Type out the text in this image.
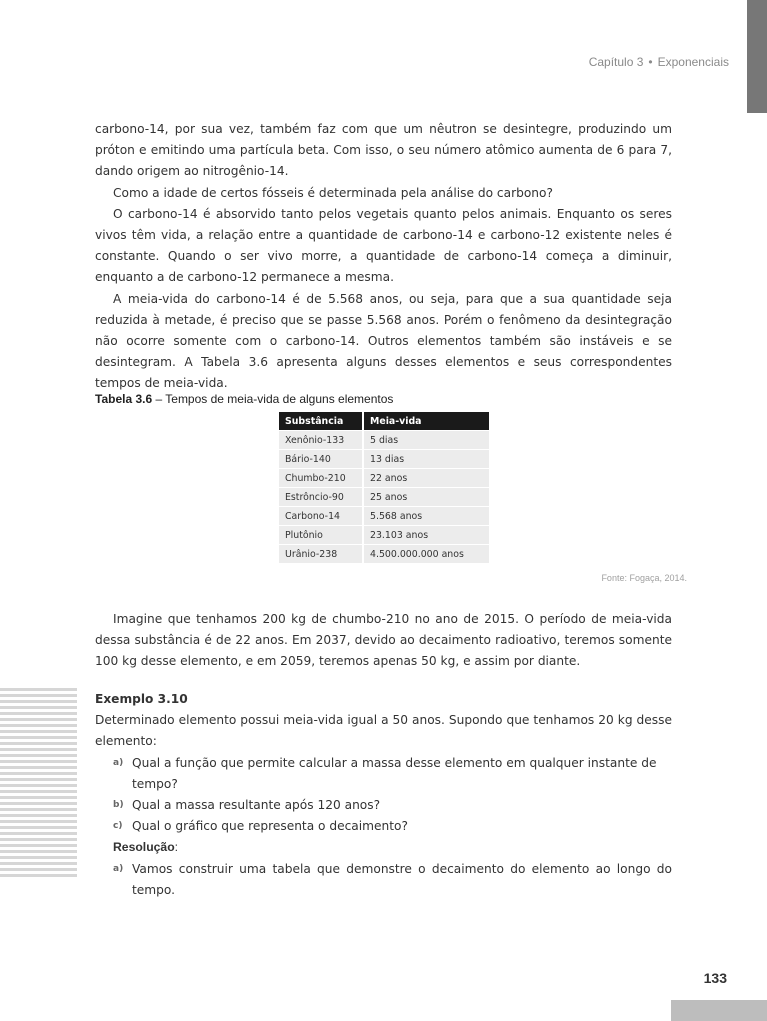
Capítulo 3 • Exponenciais

carbono-14, por sua vez, também faz com que um nêutron se desintegre, produzindo um próton e emitindo uma partícula beta. Com isso, o seu número atômico aumenta de 6 para 7, dando origem ao nitrogênio-14.

Como a idade de certos fósseis é determinada pela análise do carbono?

O carbono-14 é absorvido tanto pelos vegetais quanto pelos animais. Enquanto os seres vivos têm vida, a relação entre a quantidade de carbono-14 e carbono-12 existente neles é constante. Quando o ser vivo morre, a quantidade de carbono-14 começa a diminuir, enquanto a de carbono-12 permanece a mesma.

A meia-vida do carbono-14 é de 5.568 anos, ou seja, para que a sua quantidade seja reduzida à metade, é preciso que se passe 5.568 anos. Porém o fenômeno da desintegração não ocorre somente com o carbono-14. Outros elementos também são instáveis e se desintegram. A Tabela 3.6 apresenta alguns desses elementos e seus correspondentes tempos de meia-vida.

Tabela 3.6 – Tempos de meia-vida de alguns elementos
Substância	Meia-vida
Xenônio-133	5 dias
Bário-140	13 dias
Chumbo-210	22 anos
Estrôncio-90	25 anos
Carbono-14	5.568 anos
Plutônio	23.103 anos
Urânio-238	4.500.000.000 anos
Fonte: Fogaça, 2014.

Imagine que tenhamos 200 kg de chumbo-210 no ano de 2015. O período de meia-vida dessa substância é de 22 anos. Em 2037, devido ao decaimento radioativo, teremos somente 100 kg desse elemento, e em 2059, teremos apenas 50 kg, e assim por diante.

Exemplo 3.10

Determinado elemento possui meia-vida igual a 50 anos. Supondo que tenhamos 20 kg desse elemento:

a) Qual a função que permite calcular a massa desse elemento em qualquer instante de tempo?

b) Qual a massa resultante após 120 anos?

c) Qual o gráfico que representa o decaimento?

Resolução:

a) Vamos construir uma tabela que demonstre o decaimento do elemento ao longo do tempo.

133
